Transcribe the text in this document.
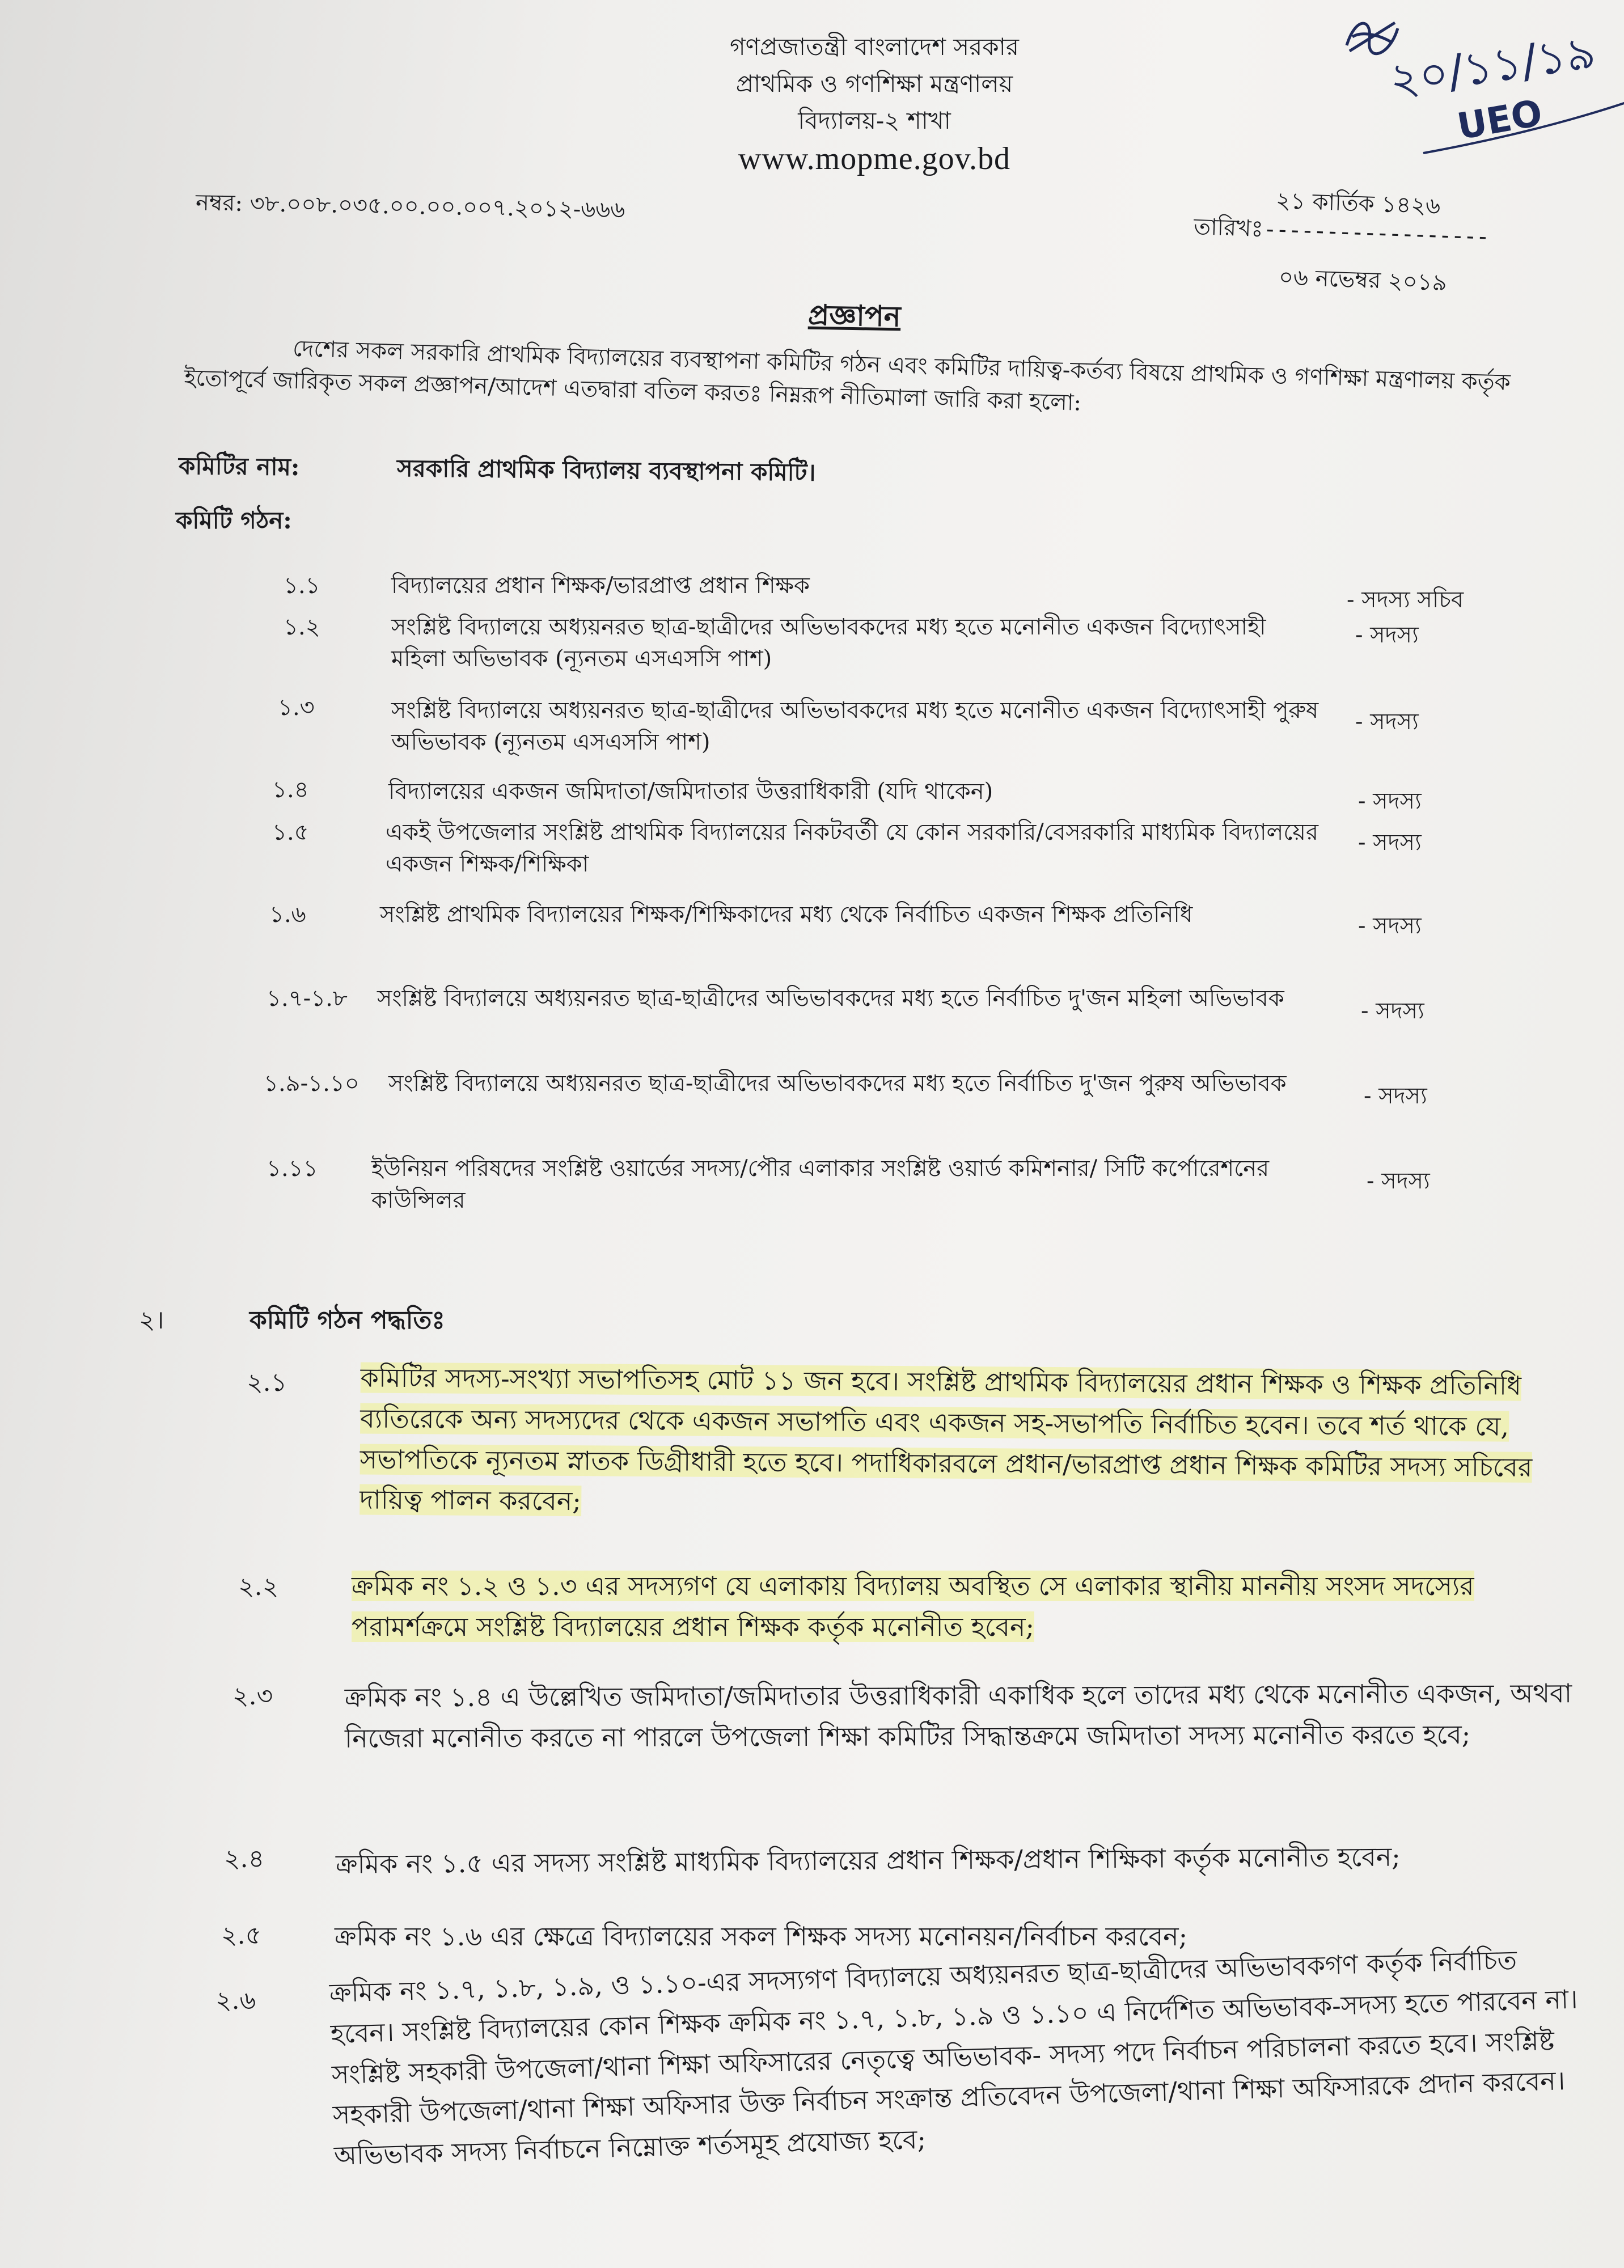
২০/১১/১৯
UEO
গণপ্রজাতন্ত্রী বাংলাদেশ সরকার
প্রাথমিক ও গণশিক্ষা মন্ত্রণালয়
বিদ্যালয়-২ শাখা
www.mopme.gov.bd
নম্বর: ৩৮.০০৮.০৩৫.০০.০০.০০৭.২০১২-৬৬৬	২১ কার্তিক ১৪২৬
তারিখঃ------------------
০৬ নভেম্বর ২০১৯
প্রজ্ঞাপন
দেশের সকল সরকারি প্রাথমিক বিদ্যালয়ের ব্যবস্থাপনা কমিটির গঠন এবং কমিটির দায়িত্ব-কর্তব্য বিষয়ে প্রাথমিক ও গণশিক্ষা মন্ত্রণালয় কর্তৃক ইতোপূর্বে জারিকৃত সকল প্রজ্ঞাপন/আদেশ এতদ্বারা বতিল করতঃ নিম্নরূপ নীতিমালা জারি করা হলো:
কমিটির নাম:	সরকারি প্রাথমিক বিদ্যালয় ব্যবস্থাপনা কমিটি।
কমিটি গঠন:
১.১	বিদ্যালয়ের প্রধান শিক্ষক/ভারপ্রাপ্ত প্রধান শিক্ষক
- সদস্য সচিব
১.২	সংশ্লিষ্ট বিদ্যালয়ে অধ্যয়নরত ছাত্র-ছাত্রীদের অভিভাবকদের মধ্য হতে মনোনীত একজন বিদ্যোৎসাহী মহিলা অভিভাবক (ন্যূনতম এসএসসি পাশ)
- সদস্য
১.৩	সংশ্লিষ্ট বিদ্যালয়ে অধ্যয়নরত ছাত্র-ছাত্রীদের অভিভাবকদের মধ্য হতে মনোনীত একজন বিদ্যোৎসাহী পুরুষ অভিভাবক (ন্যূনতম এসএসসি পাশ)
- সদস্য
১.৪	বিদ্যালয়ের একজন জমিদাতা/জমিদাতার উত্তরাধিকারী (যদি থাকেন)	- সদস্য
১.৫	একই উপজেলার সংশ্লিষ্ট প্রাথমিক বিদ্যালয়ের নিকটবর্তী যে কোন সরকারি/বেসরকারি মাধ্যমিক বিদ্যালয়ের একজন শিক্ষক/শিক্ষিকা
- সদস্য
১.৬	সংশ্লিষ্ট প্রাথমিক বিদ্যালয়ের শিক্ষক/শিক্ষিকাদের মধ্য থেকে নির্বাচিত একজন শিক্ষক প্রতিনিধি	- সদস্য
১.৭-১.৮ সংশ্লিষ্ট বিদ্যালয়ে অধ্যয়নরত ছাত্র-ছাত্রীদের অভিভাবকদের মধ্য হতে নির্বাচিত দু'জন মহিলা অভিভাবক	- সদস্য
১.৯-১.১০ সংশ্লিষ্ট বিদ্যালয়ে অধ্যয়নরত ছাত্র-ছাত্রীদের অভিভাবকদের মধ্য হতে নির্বাচিত দু'জন পুরুষ অভিভাবক	- সদস্য
১.১১ ইউনিয়ন পরিষদের সংশ্লিষ্ট ওয়ার্ডের সদস্য/পৌর এলাকার সংশ্লিষ্ট ওয়ার্ড কমিশনার/ সিটি কর্পোরেশনের কাউন্সিলর
- সদস্য
২।	কমিটি গঠন পদ্ধতিঃ
২.১	কমিটির সদস্য-সংখ্যা সভাপতিসহ মোট ১১ জন হবে। সংশ্লিষ্ট প্রাথমিক বিদ্যালয়ের প্রধান শিক্ষক ও শিক্ষক প্রতিনিধি ব্যতিরেকে অন্য সদস্যদের থেকে একজন সভাপতি এবং একজন সহ-সভাপতি নির্বাচিত হবেন। তবে শর্ত থাকে যে, সভাপতিকে ন্যূনতম স্নাতক ডিগ্রীধারী হতে হবে। পদাধিকারবলে প্রধান/ভারপ্রাপ্ত প্রধান শিক্ষক কমিটির সদস্য সচিবের দায়িত্ব পালন করবেন;
২.২	ক্রমিক নং ১.২ ও ১.৩ এর সদস্যগণ যে এলাকায় বিদ্যালয় অবস্থিত সে এলাকার স্থানীয় মাননীয় সংসদ সদস্যের পরামর্শক্রমে সংশ্লিষ্ট বিদ্যালয়ের প্রধান শিক্ষক কর্তৃক মনোনীত হবেন;
২.৩	ক্রমিক নং ১.৪ এ উল্লেখিত জমিদাতা/জমিদাতার উত্তরাধিকারী একাধিক হলে তাদের মধ্য থেকে মনোনীত একজন, অথবা নিজেরা মনোনীত করতে না পারলে উপজেলা শিক্ষা কমিটির সিদ্ধান্তক্রমে জমিদাতা সদস্য মনোনীত করতে হবে;
২.৪	ক্রমিক নং ১.৫ এর সদস্য সংশ্লিষ্ট মাধ্যমিক বিদ্যালয়ের প্রধান শিক্ষক/প্রধান শিক্ষিকা কর্তৃক মনোনীত হবেন;
২.৫	ক্রমিক নং ১.৬ এর ক্ষেত্রে বিদ্যালয়ের সকল শিক্ষক সদস্য মনোনয়ন/নির্বাচন করবেন;
২.৬	ক্রমিক নং ১.৭, ১.৮, ১.৯, ও ১.১০-এর সদস্যগণ বিদ্যালয়ে অধ্যয়নরত ছাত্র-ছাত্রীদের অভিভাবকগণ কর্তৃক নির্বাচিত হবেন। সংশ্লিষ্ট বিদ্যালয়ের কোন শিক্ষক ক্রমিক নং ১.৭, ১.৮, ১.৯ ও ১.১০ এ নির্দেশিত অভিভাবক-সদস্য হতে পারবেন না। সংশ্লিষ্ট সহকারী উপজেলা/থানা শিক্ষা অফিসারের নেতৃত্বে অভিভাবক- সদস্য পদে নির্বাচন পরিচালনা করতে হবে। সংশ্লিষ্ট সহকারী উপজেলা/থানা শিক্ষা অফিসার উক্ত নির্বাচন সংক্রান্ত প্রতিবেদন উপজেলা/থানা শিক্ষা অফিসারকে প্রদান করবেন। অভিভাবক সদস্য নির্বাচনে নিম্নোক্ত শর্তসমূহ প্রযোজ্য হবে;
